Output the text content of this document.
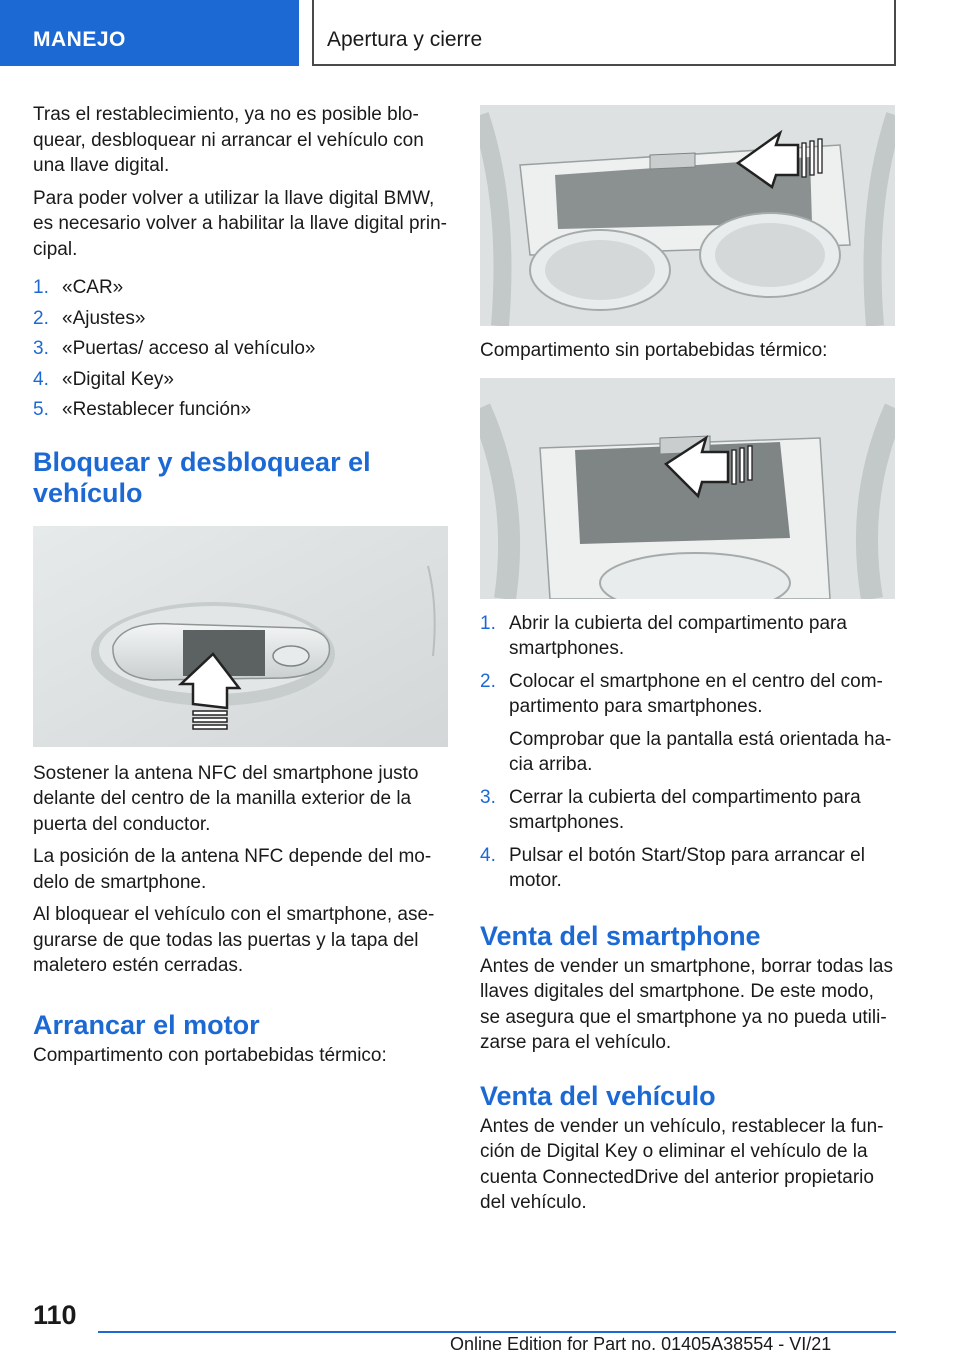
MANEJO	Apertura y cierre

Tras el restablecimiento, ya no es posible bloquear, desbloquear ni arrancar el vehículo con una llave digital.

Para poder volver a utilizar la llave digital BMW, es necesario volver a habilitar la llave digital principal.

1. «CAR»
2. «Ajustes»
3. «Puertas/ acceso al vehículo»
4. «Digital Key»
5. «Restablecer función»
Bloquear y desbloquear el vehículo

Sostener la antena NFC del smartphone justo delante del centro de la manilla exterior de la puerta del conductor.

La posición de la antena NFC depende del modelo de smartphone.

Al bloquear el vehículo con el smartphone, asegurarse de que todas las puertas y la tapa del maletero estén cerradas.

Arrancar el motor

Compartimento con portabebidas térmico:

Compartimento sin portabebidas térmico:

1. Abrir la cubierta del compartimento para smartphones.
2. Colocar el smartphone en el centro del compartimento para smartphones.
Comprobar que la pantalla está orientada hacia arriba.
3. Cerrar la cubierta del compartimento para smartphones.
4. Pulsar el botón Start/Stop para arrancar el motor.
Venta del smartphone

Antes de vender un smartphone, borrar todas las llaves digitales del smartphone. De este modo, se asegura que el smartphone ya no pueda utilizarse para el vehículo.

Venta del vehículo

Antes de vender un vehículo, restablecer la función de Digital Key o eliminar el vehículo de la cuenta ConnectedDrive del anterior propietario del vehículo.

110
Online Edition for Part no. 01405A38554 - VI/21
